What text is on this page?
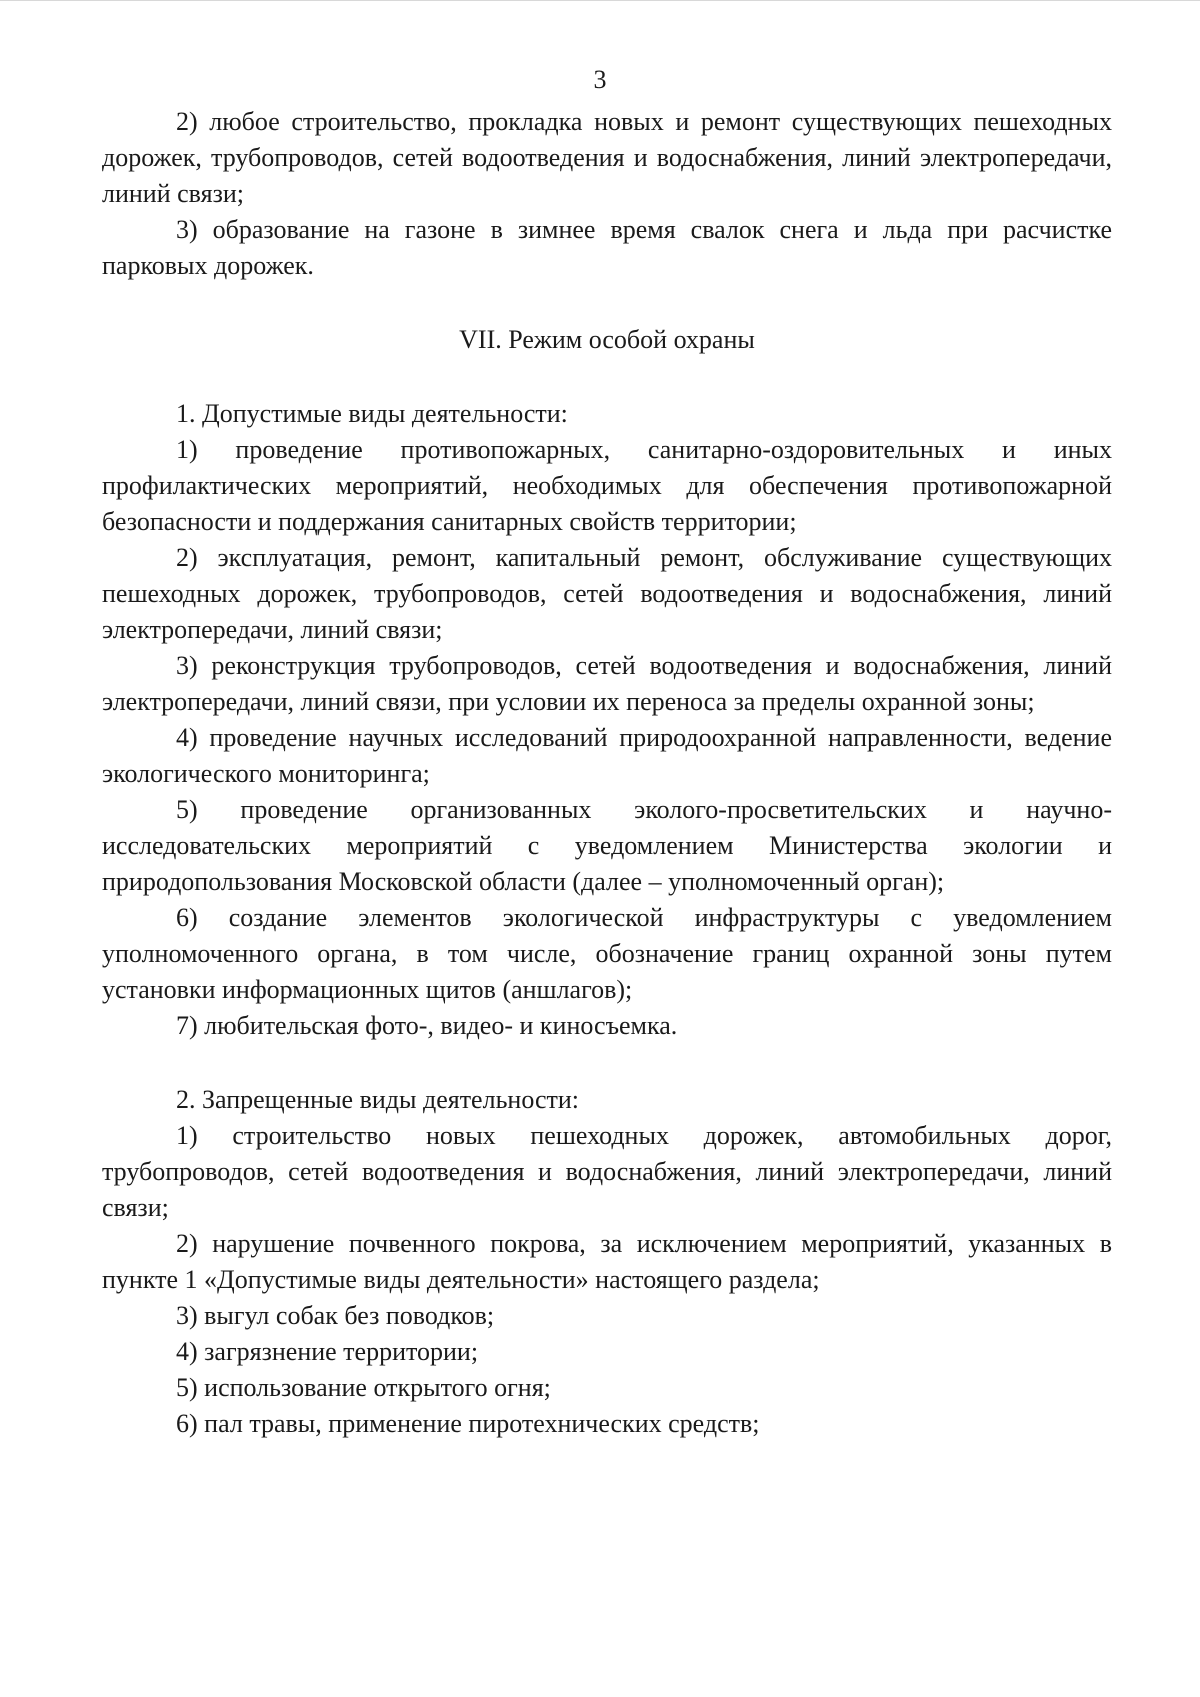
3

2) любое строительство, прокладка новых и ремонт существующих пешеходных дорожек, трубопроводов, сетей водоотведения и водоснабжения, линий электропередачи, линий связи;

3) образование на газоне в зимнее время свалок снега и льда при расчистке парковых дорожек.

VII. Режим особой охраны

1. Допустимые виды деятельности:

1) проведение противопожарных, санитарно-оздоровительных и иных профилактических мероприятий, необходимых для обеспечения противопожарной безопасности и поддержания санитарных свойств территории;

2) эксплуатация, ремонт, капитальный ремонт, обслуживание существующих пешеходных дорожек, трубопроводов, сетей водоотведения и водоснабжения, линий электропередачи, линий связи;

3) реконструкция трубопроводов, сетей водоотведения и водоснабжения, линий электропередачи, линий связи, при условии их переноса за пределы охранной зоны;

4) проведение научных исследований природоохранной направленности, ведение экологического мониторинга;

5) проведение организованных эколого-просветительских и научно-исследовательских мероприятий с уведомлением Министерства экологии и природопользования Московской области (далее – уполномоченный орган);

6) создание элементов экологической инфраструктуры с уведомлением уполномоченного органа, в том числе, обозначение границ охранной зоны путем установки информационных щитов (аншлагов);

7) любительская фото-, видео- и киносъемка.

2. Запрещенные виды деятельности:

1) строительство новых пешеходных дорожек, автомобильных дорог, трубопроводов, сетей водоотведения и водоснабжения, линий электропередачи, линий связи;

2) нарушение почвенного покрова, за исключением мероприятий, указанных в пункте 1 «Допустимые виды деятельности» настоящего раздела;

3) выгул собак без поводков;

4) загрязнение территории;

5) использование открытого огня;

6) пал травы, применение пиротехнических средств;
